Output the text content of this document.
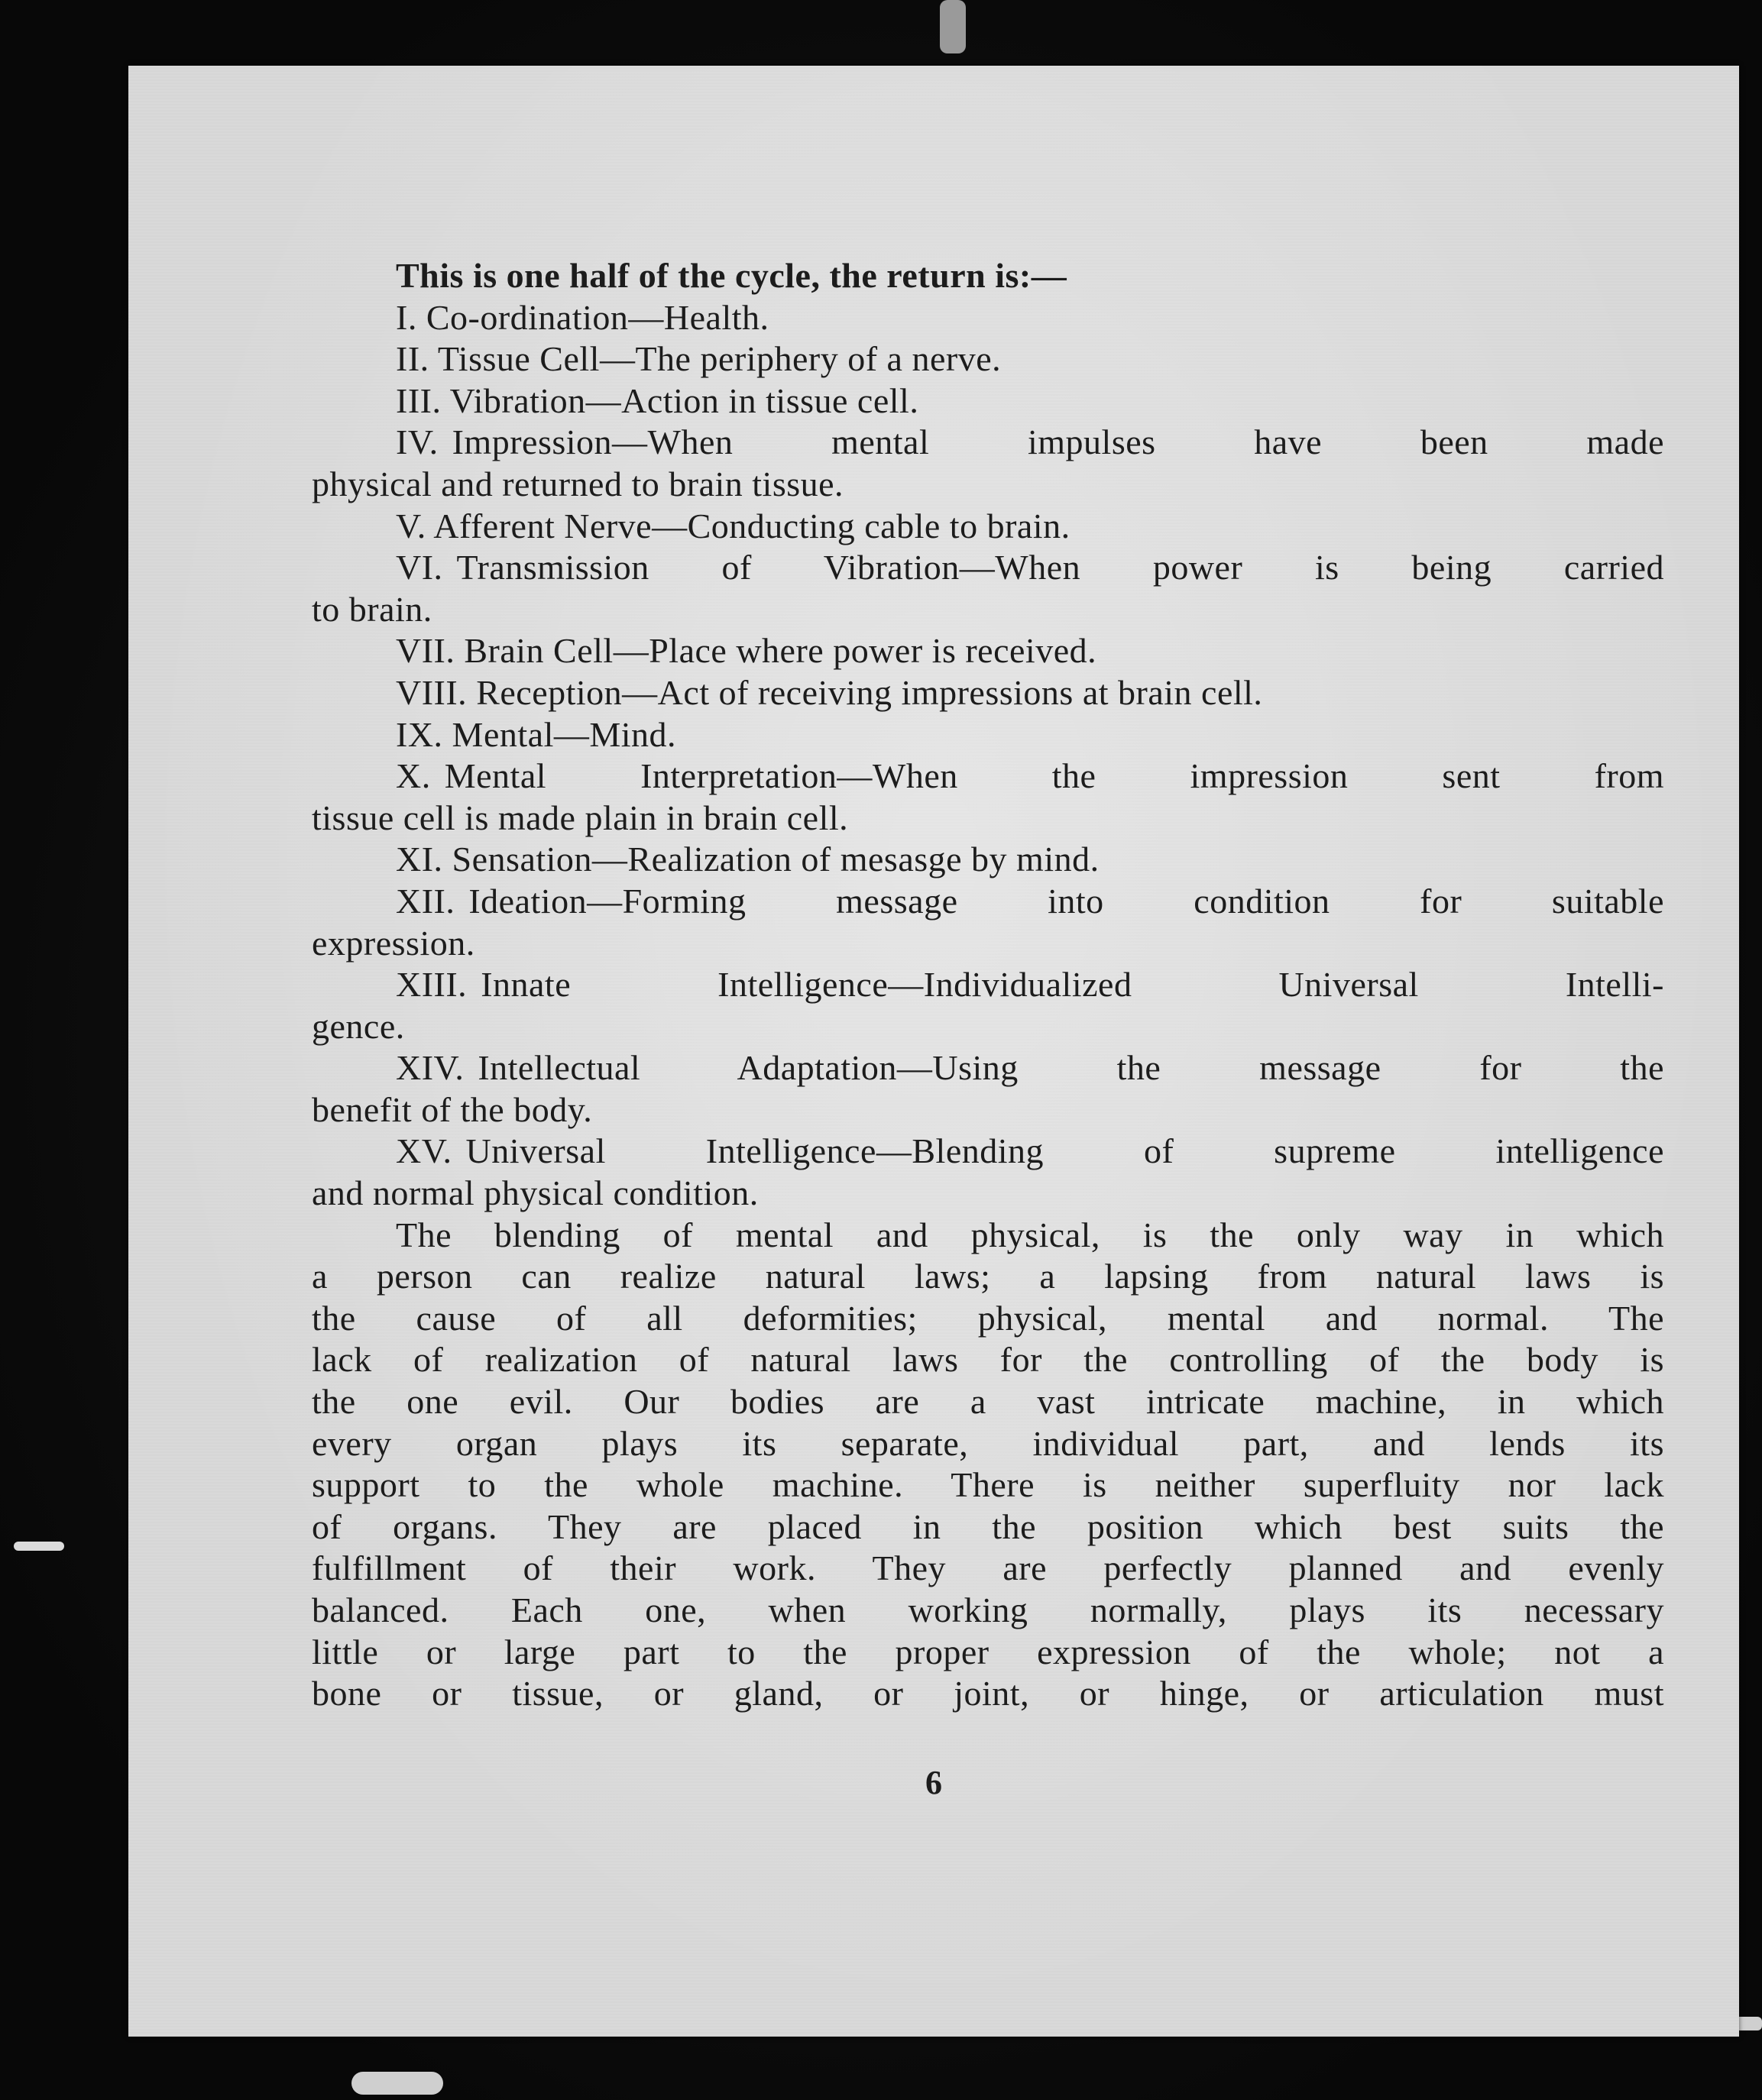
This is one half of the cycle, the return is:—
I. Co-ordination—Health.
II. Tissue Cell—The periphery of a nerve.
III. Vibration—Action in tissue cell.
IV. Impression—When mental impulses have been made
physical and returned to brain tissue.
V. Afferent Nerve—Conducting cable to brain.
VI. Transmission of Vibration—When power is being carried
to brain.
VII. Brain Cell—Place where power is received.
VIII. Reception—Act of receiving impressions at brain cell.
IX. Mental—Mind.
X. Mental Interpretation—When the impression sent from
tissue cell is made plain in brain cell.
XI. Sensation—Realization of mesasge by mind.
XII. Ideation—Forming message into condition for suitable
expression.
XIII. Innate Intelligence—Individualized Universal Intelli-
gence.
XIV. Intellectual Adaptation—Using the message for the
benefit of the body.
XV. Universal Intelligence—Blending of supreme intelligence
and normal physical condition.
The blending of mental and physical, is the only way in which
a person can realize natural laws; a lapsing from natural laws is
the cause of all deformities; physical, mental and normal. The
lack of realization of natural laws for the controlling of the body is
the one evil. Our bodies are a vast intricate machine, in which
every organ plays its separate, individual part, and lends its
support to the whole machine. There is neither superfluity nor lack
of organs. They are placed in the position which best suits the
fulfillment of their work. They are perfectly planned and evenly
balanced. Each one, when working normally, plays its necessary
little or large part to the proper expression of the whole; not a
bone or tissue, or gland, or joint, or hinge, or articulation must
6
